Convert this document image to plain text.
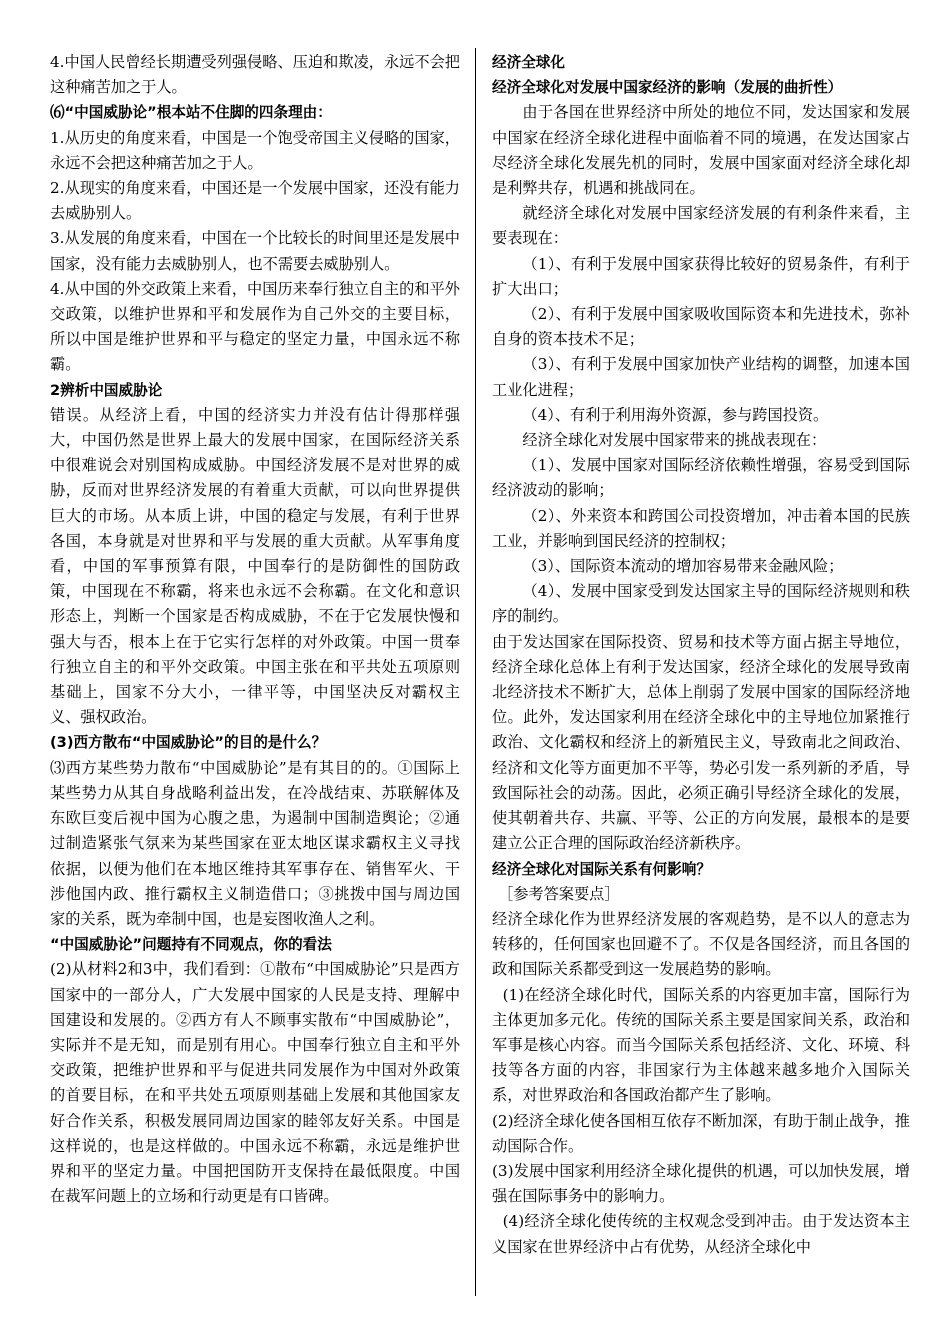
4.中国人民曾经长期遭受列强侵略、压迫和欺凌，永远不会把这种痛苦加之于人。

⑹“中国威胁论”根本站不住脚的四条理由：

1.从历史的角度来看，中国是一个饱受帝国主义侵略的国家，永远不会把这种痛苦加之于人。

2.从现实的角度来看，中国还是一个发展中国家，还没有能力去威胁别人。

3.从发展的角度来看，中国在一个比较长的时间里还是发展中国家，没有能力去威胁别人，也不需要去威胁别人。

4.从中国的外交政策上来看，中国历来奉行独立自主的和平外交政策，以维护世界和平和发展作为自己外交的主要目标，所以中国是维护世界和平与稳定的坚定力量，中国永远不称霸。

2辨析中国威胁论

错误。从经济上看，中国的经济实力并没有估计得那样强大，中国仍然是世界上最大的发展中国家，在国际经济关系中很难说会对别国构成威胁。中国经济发展不是对世界的威胁，反而对世界经济发展的有着重大贡献，可以向世界提供巨大的市场。从本质上讲，中国的稳定与发展，有利于世界各国，本身就是对世界和平与发展的重大贡献。从军事角度看，中国的军事预算有限，中国奉行的是防御性的国防政策，中国现在不称霸，将来也永远不会称霸。在文化和意识形态上，判断一个国家是否构成威胁，不在于它发展快慢和强大与否，根本上在于它实行怎样的对外政策。中国一贯奉行独立自主的和平外交政策。中国主张在和平共处五项原则基础上，国家不分大小，一律平等，中国坚决反对霸权主义、强权政治。

(3)西方散布“中国威胁论”的目的是什么？

⑶西方某些势力散布“中国威胁论”是有其目的的。①国际上某些势力从其自身战略利益出发，在冷战结束、苏联解体及东欧巨变后视中国为心腹之患，为遏制中国制造舆论；②通过制造紧张气氛来为某些国家在亚太地区谋求霸权主义寻找依据，以便为他们在本地区维持其军事存在、销售军火、干涉他国内政、推行霸权主义制造借口；③挑拨中国与周边国家的关系，既为牵制中国，也是妄图收渔人之利。

“中国威胁论”问题持有不同观点，你的看法

(2)从材料2和3中，我们看到：①散布“中国威胁论”只是西方国家中的一部分人，广大发展中国家的人民是支持、理解中国建设和发展的。②西方有人不顾事实散布“中国威胁论”，实际并不是无知，而是别有用心。中国奉行独立自主和平外交政策，把维护世界和平与促进共同发展作为中国对外政策的首要目标，在和平共处五项原则基础上发展和其他国家友好合作关系，积极发展同周边国家的睦邻友好关系。中国是这样说的，也是这样做的。中国永远不称霸，永远是维护世界和平的坚定力量。中国把国防开支保持在最低限度。中国在裁军问题上的立场和行动更是有口皆碑。

经济全球化

经济全球化对发展中国家经济的影响（发展的曲折性）

由于各国在世界经济中所处的地位不同，发达国家和发展中国家在经济全球化进程中面临着不同的境遇，在发达国家占尽经济全球化发展先机的同时，发展中国家面对经济全球化却是利弊共存，机遇和挑战同在。

就经济全球化对发展中国家经济发展的有利条件来看，主要表现在：

（1）、有利于发展中国家获得比较好的贸易条件，有利于扩大出口；

（2）、有利于发展中国家吸收国际资本和先进技术，弥补自身的资本技术不足；

（3）、有利于发展中国家加快产业结构的调整，加速本国工业化进程；

（4）、有利于利用海外资源，参与跨国投资。

经济全球化对发展中国家带来的挑战表现在：

（1）、发展中国家对国际经济依赖性增强，容易受到国际经济波动的影响；

（2）、外来资本和跨国公司投资增加，冲击着本国的民族工业，并影响到国民经济的控制权；

（3）、国际资本流动的增加容易带来金融风险；

（4）、发展中国家受到发达国家主导的国际经济规则和秩序的制约。

由于发达国家在国际投资、贸易和技术等方面占据主导地位，经济全球化总体上有利于发达国家，经济全球化的发展导致南北经济技术不断扩大，总体上削弱了发展中国家的国际经济地位。此外，发达国家利用在经济全球化中的主导地位加紧推行政治、文化霸权和经济上的新殖民主义，导致南北之间政治、经济和文化等方面更加不平等，势必引发一系列新的矛盾，导致国际社会的动荡。因此，必须正确引导经济全球化的发展，使其朝着共存、共赢、平等、公正的方向发展，最根本的是要建立公正合理的国际政治经济新秩序。

经济全球化对国际关系有何影响？

［参考答案要点］

经济全球化作为世界经济发展的客观趋势，是不以人的意志为转移的，任何国家也回避不了。不仅是各国经济，而且各国的政和国际关系都受到这一发展趋势的影响。

(1)在经济全球化时代，国际关系的内容更加丰富，国际行为主体更加多元化。传统的国际关系主要是国家间关系，政治和军事是核心内容。而当今国际关系包括经济、文化、环境、科技等各方面的内容，非国家行为主体越来越多地介入国际关系，对世界政治和各国政治都产生了影响。

(2)经济全球化使各国相互依存不断加深，有助于制止战争，推动国际合作。

(3)发展中国家利用经济全球化提供的机遇，可以加快发展，增强在国际事务中的影响力。

(4)经济全球化使传统的主权观念受到冲击。由于发达资本主义国家在世界经济中占有优势，从经济全球化中
